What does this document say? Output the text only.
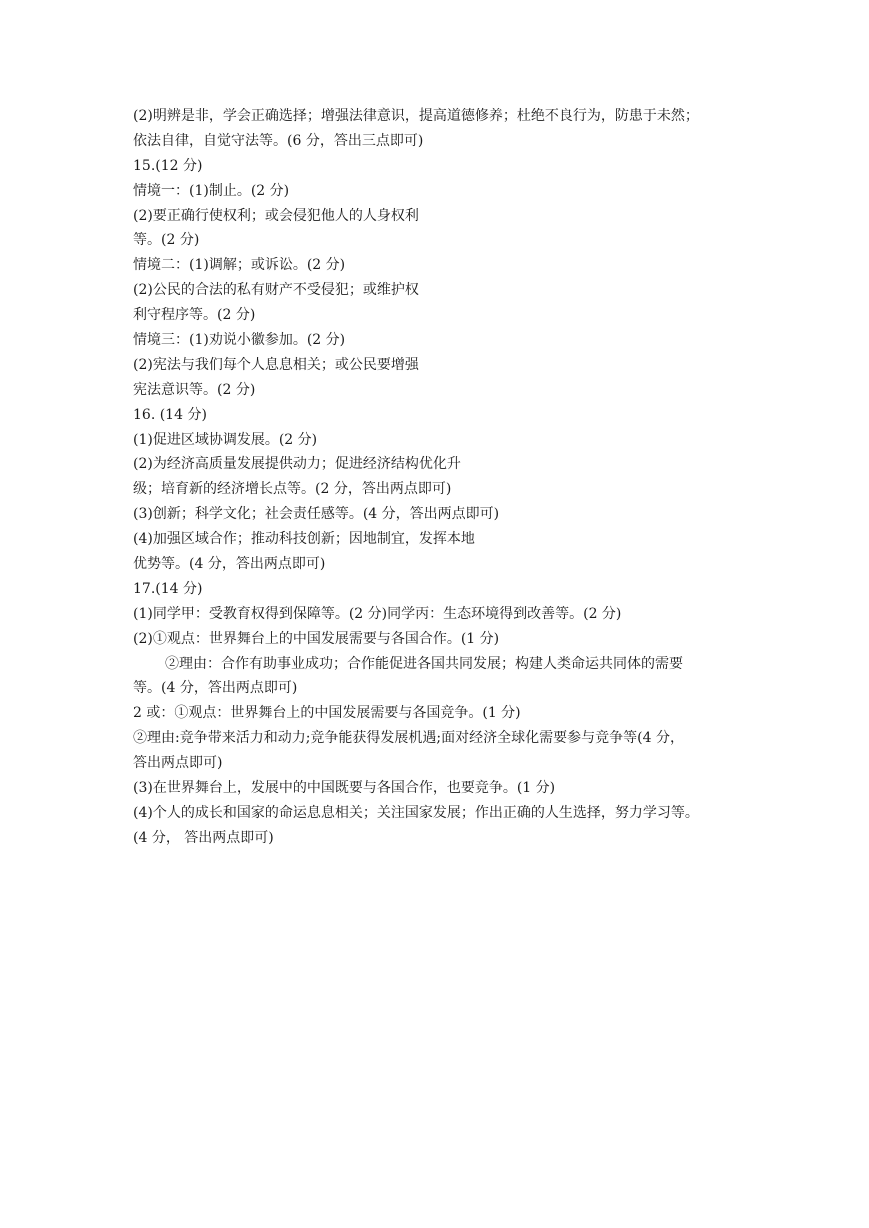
(2)明辨是非，学会正确选择；增强法律意识，提高道德修养；杜绝不良行为，防患于未然；
依法自律，自觉守法等。(6 分，答出三点即可)
15.(12 分)
情境一：(1)制止。(2 分)
(2)要正确行使权利；或会侵犯他人的人身权利
等。(2 分)
情境二：(1)调解；或诉讼。(2 分)
(2)公民的合法的私有财产不受侵犯；或维护权
利守程序等。(2 分)
情境三：(1)劝说小徽参加。(2 分)
(2)宪法与我们每个人息息相关；或公民要增强
宪法意识等。(2 分)
16. (14 分)
(1)促进区域协调发展。(2 分)
(2)为经济高质量发展提供动力；促进经济结构优化升
级；培育新的经济增长点等。(2 分，答出两点即可)
(3)创新；科学文化；社会责任感等。(4 分，答出两点即可)
(4)加强区域合作；推动科技创新；因地制宜，发挥本地
优势等。(4 分，答出两点即可)
17.(14 分)
(1)同学甲：受教育权得到保障等。(2 分)同学丙：生态环境得到改善等。(2 分)
(2)①观点：世界舞台上的中国发展需要与各国合作。(1 分)
②理由：合作有助事业成功；合作能促进各国共同发展；构建人类命运共同体的需要
等。(4 分，答出两点即可)
2 或：①观点：世界舞台上的中国发展需要与各国竞争。(1 分)
②理由:竞争带来活力和动力;竞争能获得发展机遇;面对经济全球化需要参与竞争等(4 分，
答出两点即可)
(3)在世界舞台上，发展中的中国既要与各国合作，也要竞争。(1 分)
(4)个人的成长和国家的命运息息相关；关注国家发展；作出正确的人生选择，努力学习等。
(4 分， 答出两点即可)
